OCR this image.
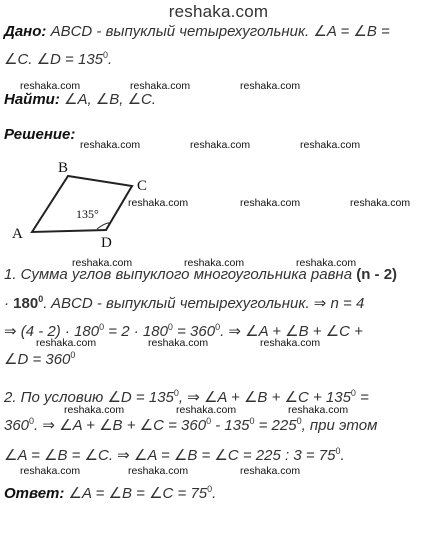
reshaka.com
Дано: ABCD - выпуклый четырехугольник. ∠A = ∠B =
∠C. ∠D = $135^0$.
Найти: ∠A, ∠B, ∠C.
Решение:
B
C
A
D
135°
1. Сумма углов выпуклого многоугольника равна (n - 2)
· $180^0$. ABCD - выпуклый четырехугольник. ⇒ n = 4
⇒ $(4 - 2) \cdot 180^0 = 2 \cdot 180^0 = 360^0$. ⇒ ∠A + ∠B + ∠C +
∠D = $360^0$
2. По условию ∠D = $135^0$, ⇒ ∠A + ∠B + ∠C + $135^0$ =
$360^0$. ⇒ ∠A + ∠B + ∠C = $360^0 - 135^0 = 225^0$, при этом
∠A = ∠B = ∠C. ⇒ ∠A = ∠B = ∠C = 225 : $3 = 75^0$.
Ответ: ∠A = ∠B = ∠C = $75^0$.
reshaka.com	reshaka.com	reshaka.com
reshaka.com	reshaka.com	reshaka.com
reshaka.com	reshaka.com	reshaka.com
reshaka.com	reshaka.com	reshaka.com
reshaka.com	reshaka.com	reshaka.com
reshaka.com	reshaka.com	reshaka.com
reshaka.com	reshaka.com	reshaka.com
